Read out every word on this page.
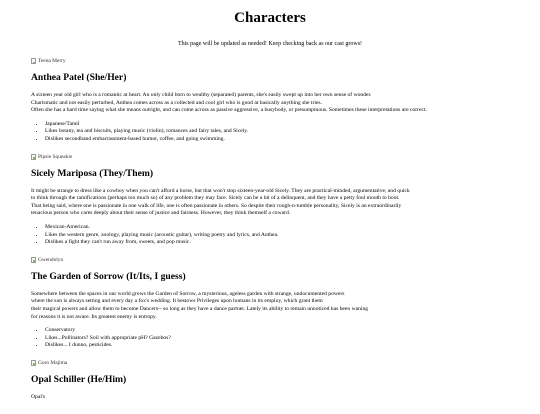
Characters

This page will be updated as needed! Keep checking back as our cast grows!

Teena Merry
Anthea Patel (She/Her)

A sixteen year old girl who is a romantic at heart. An only child born to wealthy (separated) parents, she's easily swept up into her own sense of wonder.
Charismatic and not easily perturbed, Anthea comes across as a collected and cool girl who is good at basically anything she tries.
Often she has a hard time saying what she means outright, and can come across as passive aggressive, a busybody, or presumptuous. Sometimes these interpretations are correct.

• Japanese/Tamil
• Likes botany, tea and biscuits, playing music (violin), romances and fairy tales, and Sicely.
• Dislikes secondhand embarrassment-based humor, coffee, and going swimming.
Pipsie Squeakie
Sicely Mariposa (They/Them)

It might be strange to dress like a cowboy when you can't afford a horse, but that won't stop sixteen-year-old Sicely. They are practical-minded, argumentative, and quick
to think through the ramifications (perhaps too much so) of any problem they may face. Sicely can be a bit of a delinquent, and they have a petty foul mouth to boot.
That being said, where one is passionate in one walk of life, one is often passionate in others. So despite their rough-n-tumble personality, Sicely is an extraordinarily
tenacious person who cares deeply about their sense of justice and fairness. However, they think themself a coward.

• Mexican-American.
• Likes the western genre, zoology, playing music (acoustic guitar), writing poetry and lyrics, and Anthea.
• Dislikes a fight they can't run away from, sweets, and pop music.
Gwendolyn
The Garden of Sorrow (It/Its, I guess)

Somewhere between the spaces in our world grows the Garden of Sorrow, a mysterious, ageless garden with strange, undocumented powers
where the sun is always setting and every day a fox's wedding. It bestows Privileges upon humans in its employ, which grant them
their magical powers and allow them to become Dancers-- so long as they have a dance partner. Lately its ability to remain unnoticed has been waning
for reasons it is not aware. Its greatest enemy is entropy.

• Conservatory
• Likes...Pollinators? Soil with appropriate pH? Gazebos?
• Dislikes... I dunno, pesticides.
Goro Majima
Opal Schiller (He/Him)

Opal's
